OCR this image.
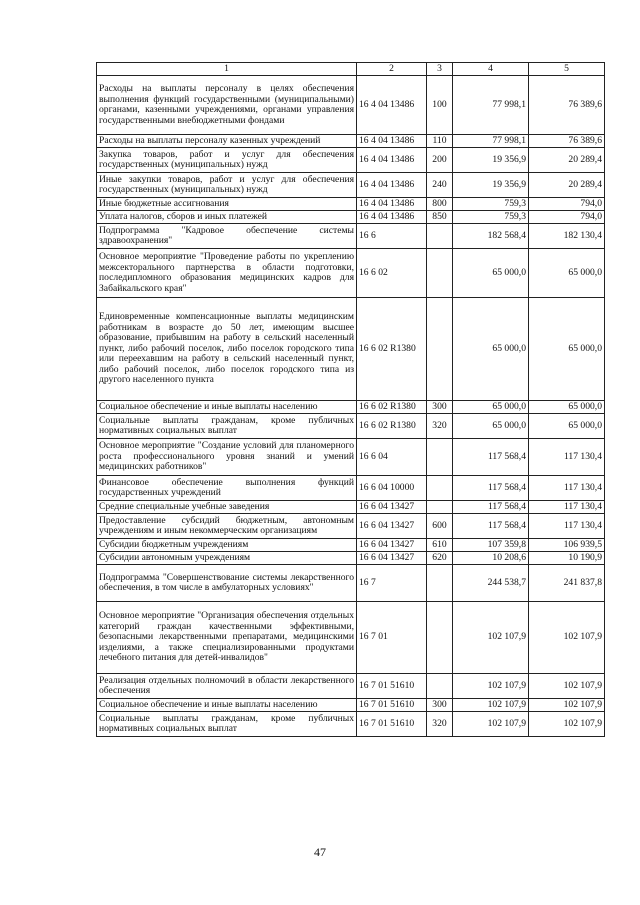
1	2	3	4	5
Расходы на выплаты персоналу в целях обеспечения выполнения функций государственными (муниципальными) органами, казенными учреждениями, органами управления государственными внебюджетными фондами	16 4 04 13486	100	77 998,1	76 389,6
Расходы на выплаты персоналу казенных учреждений	16 4 04 13486	110	77 998,1	76 389,6
Закупка товаров, работ и услуг для обеспечения государственных (муниципальных) нужд	16 4 04 13486	200	19 356,9	20 289,4
Иные закупки товаров, работ и услуг для обеспечения государственных (муниципальных) нужд	16 4 04 13486	240	19 356,9	20 289,4
Иные бюджетные ассигнования	16 4 04 13486	800	759,3	794,0
Уплата налогов, сборов и иных платежей	16 4 04 13486	850	759,3	794,0
Подпрограмма "Кадровое обеспечение системы здравоохранения"	16 6		182 568,4	182 130,4
Основное мероприятие "Проведение работы по укреплению межсекторального партнерства в области подготовки, последипломного образования медицинских кадров для Забайкальского края"	16 6 02		65 000,0	65 000,0
Единовременные компенсационные выплаты медицинским работникам в возрасте до 50 лет, имеющим высшее образование, прибывшим на работу в сельский населенный пункт, либо рабочий поселок, либо поселок городского типа или переехавшим на работу в сельский населенный пункт, либо рабочий поселок, либо поселок городского типа из другого населенного пункта	16 6 02 R1380		65 000,0	65 000,0
Социальное обеспечение и иные выплаты населению	16 6 02 R1380	300	65 000,0	65 000,0
Социальные выплаты гражданам, кроме публичных нормативных социальных выплат	16 6 02 R1380	320	65 000,0	65 000,0
Основное мероприятие "Создание условий для планомерного роста профессионального уровня знаний и умений медицинских работников"	16 6 04		117 568,4	117 130,4
Финансовое обеспечение выполнения функций государственных учреждений	16 6 04 10000		117 568,4	117 130,4
Средние специальные учебные заведения	16 6 04 13427		117 568,4	117 130,4
Предоставление субсидий бюджетным, автономным учреждениям и иным некоммерческим организациям	16 6 04 13427	600	117 568,4	117 130,4
Субсидии бюджетным учреждениям	16 6 04 13427	610	107 359,8	106 939,5
Субсидии автономным учреждениям	16 6 04 13427	620	10 208,6	10 190,9
Подпрограмма "Совершенствование системы лекарственного обеспечения, в том числе в амбулаторных условиях"	16 7		244 538,7	241 837,8
Основное мероприятие "Организация обеспечения отдельных категорий граждан качественными эффективными, безопасными лекарственными препаратами, медицинскими изделиями, а также специализированными продуктами лечебного питания для детей-инвалидов"	16 7 01		102 107,9	102 107,9
Реализация отдельных полномочий в области лекарственного обеспечения	16 7 01 51610		102 107,9	102 107,9
Социальное обеспечение и иные выплаты населению	16 7 01 51610	300	102 107,9	102 107,9
Социальные выплаты гражданам, кроме публичных нормативных социальных выплат	16 7 01 51610	320	102 107,9	102 107,9
47
